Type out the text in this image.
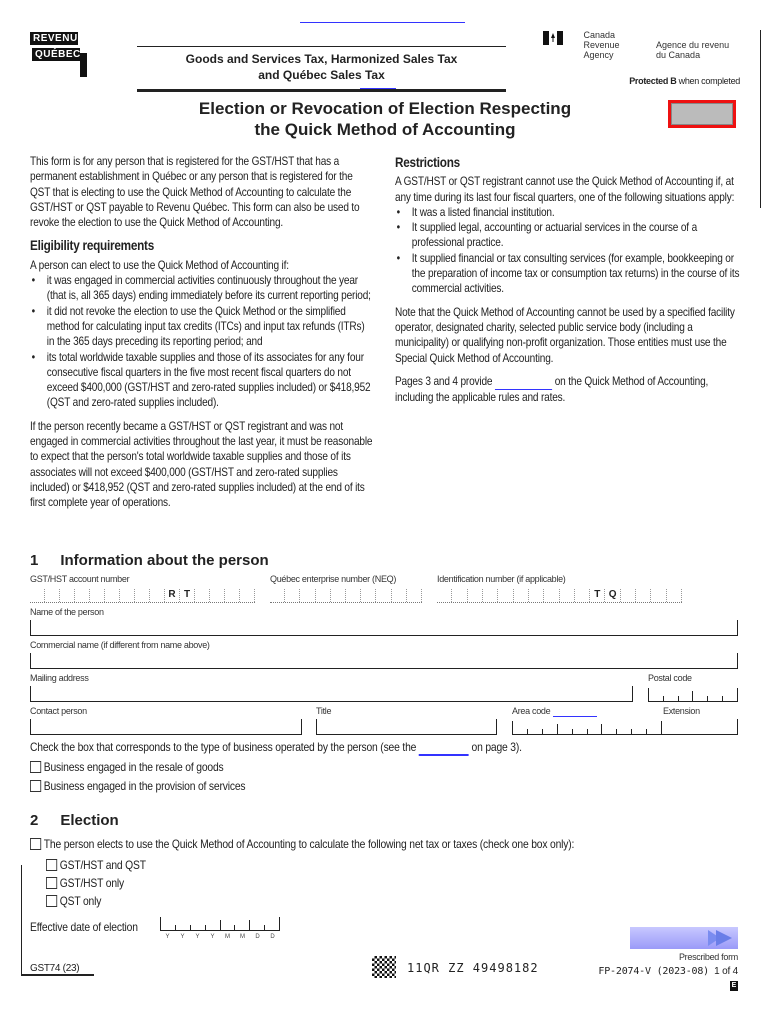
REVENU
QUÉBEC	Goods and Services Tax, Harmonized Sales Tax
and Québec Sales Tax
Canada Revenue
Agency Agence du revenu
du Canada
Protected B when completed
Election or Revocation of Election Respecting
the Quick Method of Accounting

This form is for any person that is registered for the GST/HST that has a permanent establishment in Québec or any person that is registered for the QST that is electing to use the Quick Method of Accounting to calculate the GST/HST or QST payable to Revenu Québec. This form can also be used to revoke the election to use the Quick Method of Accounting.

Eligibility requirements
A person can elect to use the Quick Method of Accounting if:
• it was engaged in commercial activities continuously throughout the year (that is, all 365 days) ending immediately before its current reporting period;
• it did not revoke the election to use the Quick Method or the simplified method for calculating input tax credits (ITCs) and input tax refunds (ITRs) in the 365 days preceding its reporting period; and
• its total worldwide taxable supplies and those of its associates for any four consecutive fiscal quarters in the five most recent fiscal quarters do not exceed $400,000 (GST/HST and zero-rated supplies included) or $418,952 (QST and zero-rated supplies included).

If the person recently became a GST/HST or QST registrant and was not engaged in commercial activities throughout the last year, it must be reasonable to expect that the person's total worldwide taxable supplies and those of its associates will not exceed $400,000 (GST/HST and zero-rated supplies included) or $418,952 (QST and zero-rated supplies included) at the end of its first complete year of operations.

Restrictions
A GST/HST or QST registrant cannot use the Quick Method of Accounting if, at any time during its last four fiscal quarters, one of the following situations apply:
• It was a listed financial institution.
• It supplied legal, accounting or actuarial services in the course of a professional practice.
• It supplied financial or tax consulting services (for example, bookkeeping or the preparation of income tax or consumption tax returns) in the course of its commercial activities.

Note that the Quick Method of Accounting cannot be used by a specified facility operator, designated charity, selected public service body (including a municipality) or qualifying non-profit organization. Those entities must use the Special Quick Method of Accounting.

Pages 3 and 4 provide	on the Quick Method of Accounting, including the applicable rules and rates.

1 Information about the person
GST/HST account number
R T
Québec enterprise number (NEQ)	Identification number (if applicable)
T Q
Name of the person
Commercial name (if different from name above)
Mailing address	Postal code
Contact person	Title	Area code	Extension
Check the box that corresponds to the type of business operated by the person (see the	on page 3).
Business engaged in the resale of goods
Business engaged in the provision of services
2 Election
The person elects to use the Quick Method of Accounting to calculate the following net tax or taxes (check one box only):
GST/HST and QST
GST/HST only
QST only
Effective date of election
Y	Y	Y	Y	M	M	D	D
Prescribed form
GST74 (23)	11QR ZZ 49498182	FP-2074-V (2023-08) 1 of 4
E
